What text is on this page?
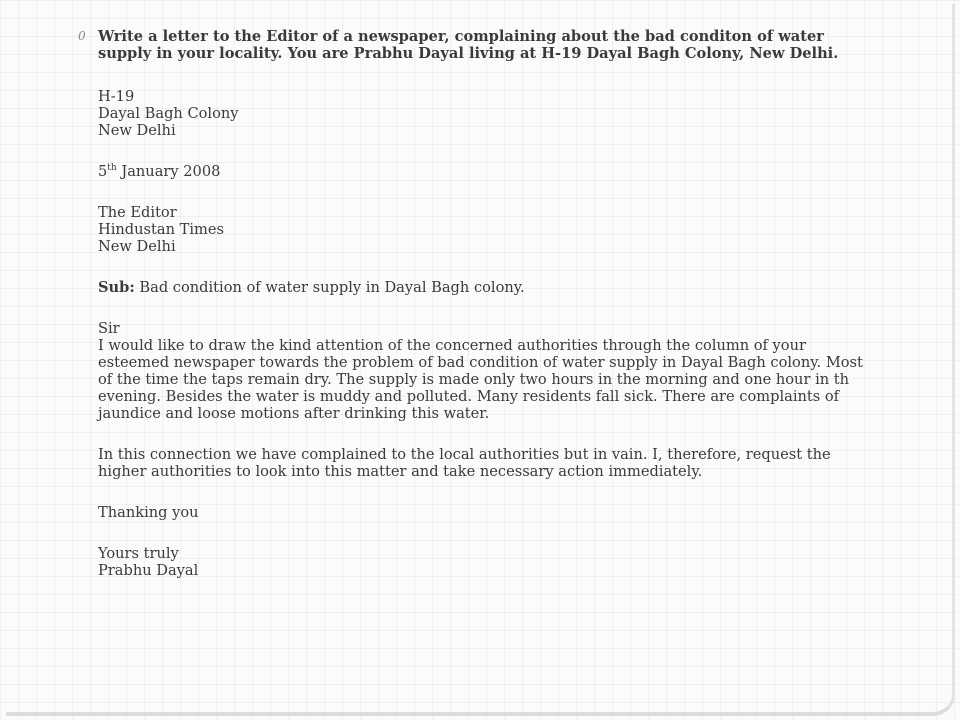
0 Write a letter to the Editor of a newspaper, complaining about the bad conditon of water supply in your locality. You are Prabhu Dayal living at H-19 Dayal Bagh Colony, New Delhi.

H-19
Dayal Bagh Colony
New Delhi

5th January 2008

The Editor
Hindustan Times
New Delhi

Sub: Bad condition of water supply in Dayal Bagh colony.

Sir
I would like to draw the kind attention of the concerned authorities through the column of your esteemed newspaper towards the problem of bad condition of water supply in Dayal Bagh colony. Most of the time the taps remain dry. The supply is made only two hours in the morning and one hour in th evening. Besides the water is muddy and polluted. Many residents fall sick. There are complaints of jaundice and loose motions after drinking this water.

In this connection we have complained to the local authorities but in vain. I, therefore, request the higher authorities to look into this matter and take necessary action immediately.

Thanking you

Yours truly
Prabhu Dayal
